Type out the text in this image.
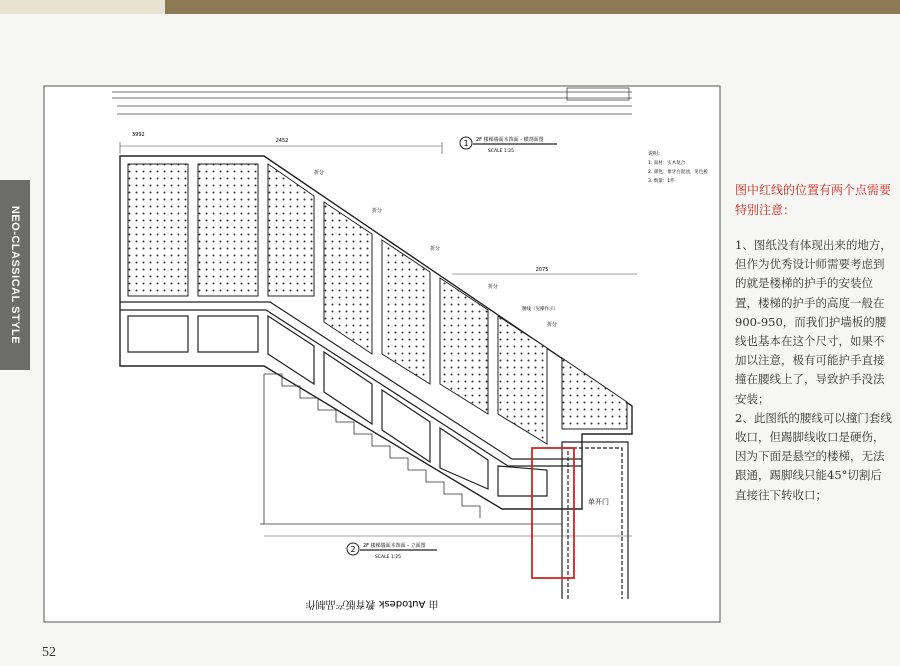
NEO-CLASSICAL STYLE
1 2F 楼梯墙面木饰面 - 横剖面图
SCALE 1:25	说明：
1. 面材：实木复合
2. 颜色：象牙白混油，见色板
3. 数量：1件
2452
3992
2075
单开门
腰线（见操作示）
折分
折分
折分
折分
折分
2 2F 楼梯墙面木饰面 - 立面图
SCALE 1:25
由 Autodesk 教育版产品制作
图中红线的位置有两个点需要特别注意：

1、图纸没有体现出来的地方，但作为优秀设计师需要考虑到的就是楼梯的护手的安装位置，楼梯的护手的高度一般在900-950，而我们护墙板的腰线也基本在这个尺寸，如果不加以注意，极有可能护手直接撞在腰线上了，导致护手没法安装；

2、此图纸的腰线可以撞门套线收口，但踢脚线收口是硬伤，因为下面是悬空的楼梯，无法跟通，踢脚线只能45°切割后直接往下转收口；

52
